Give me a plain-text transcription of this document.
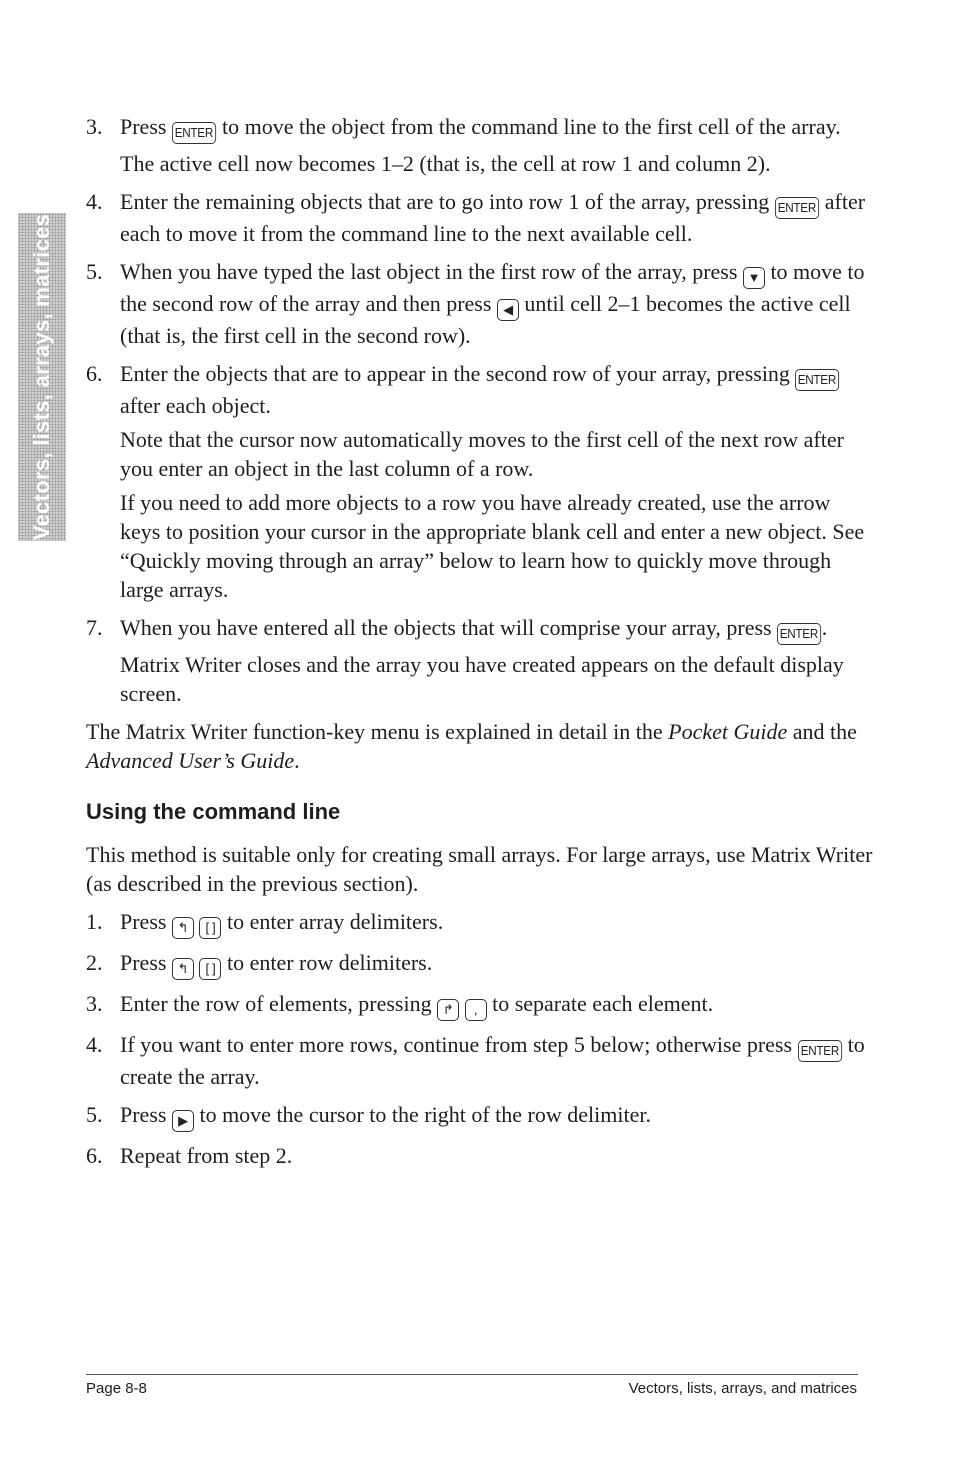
Vectors, lists, arrays, matrices
3. Press ENTER to move the object from the command line to the first cell of the array.

The active cell now becomes 1–2 (that is, the cell at row 1 and column 2).

4. Enter the remaining objects that are to go into row 1 of the array, pressing ENTER after each to move it from the command line to the next available cell.

5. When you have typed the last object in the first row of the array, press ▼ to move to the second row of the array and then press ◀ until cell 2–1 becomes the active cell (that is, the first cell in the second row).

6. Enter the objects that are to appear in the second row of your array, pressing ENTER after each object.

Note that the cursor now automatically moves to the first cell of the next row after you enter an object in the last column of a row.

If you need to add more objects to a row you have already created, use the arrow keys to position your cursor in the appropriate blank cell and enter a new object. See “Quickly moving through an array” below to learn how to quickly move through large arrays.

7. When you have entered all the objects that will comprise your array, press ENTER .

Matrix Writer closes and the array you have created appears on the default display screen.

The Matrix Writer function-key menu is explained in detail in the Pocket Guide and the Advanced User’s Guide.

Using the command line

This method is suitable only for creating small arrays. For large arrays, use Matrix Writer (as described in the previous section).

1. Press ↰ [ ] to enter array delimiters.

2. Press ↰ [ ] to enter row delimiters.

3. Enter the row of elements, pressing ↱ , to separate each element.

4. If you want to enter more rows, continue from step 5 below; otherwise press ENTER to create the array.

5. Press ▶ to move the cursor to the right of the row delimiter.

6. Repeat from step 2.

Page 8-8	Vectors, lists, arrays, and matrices
